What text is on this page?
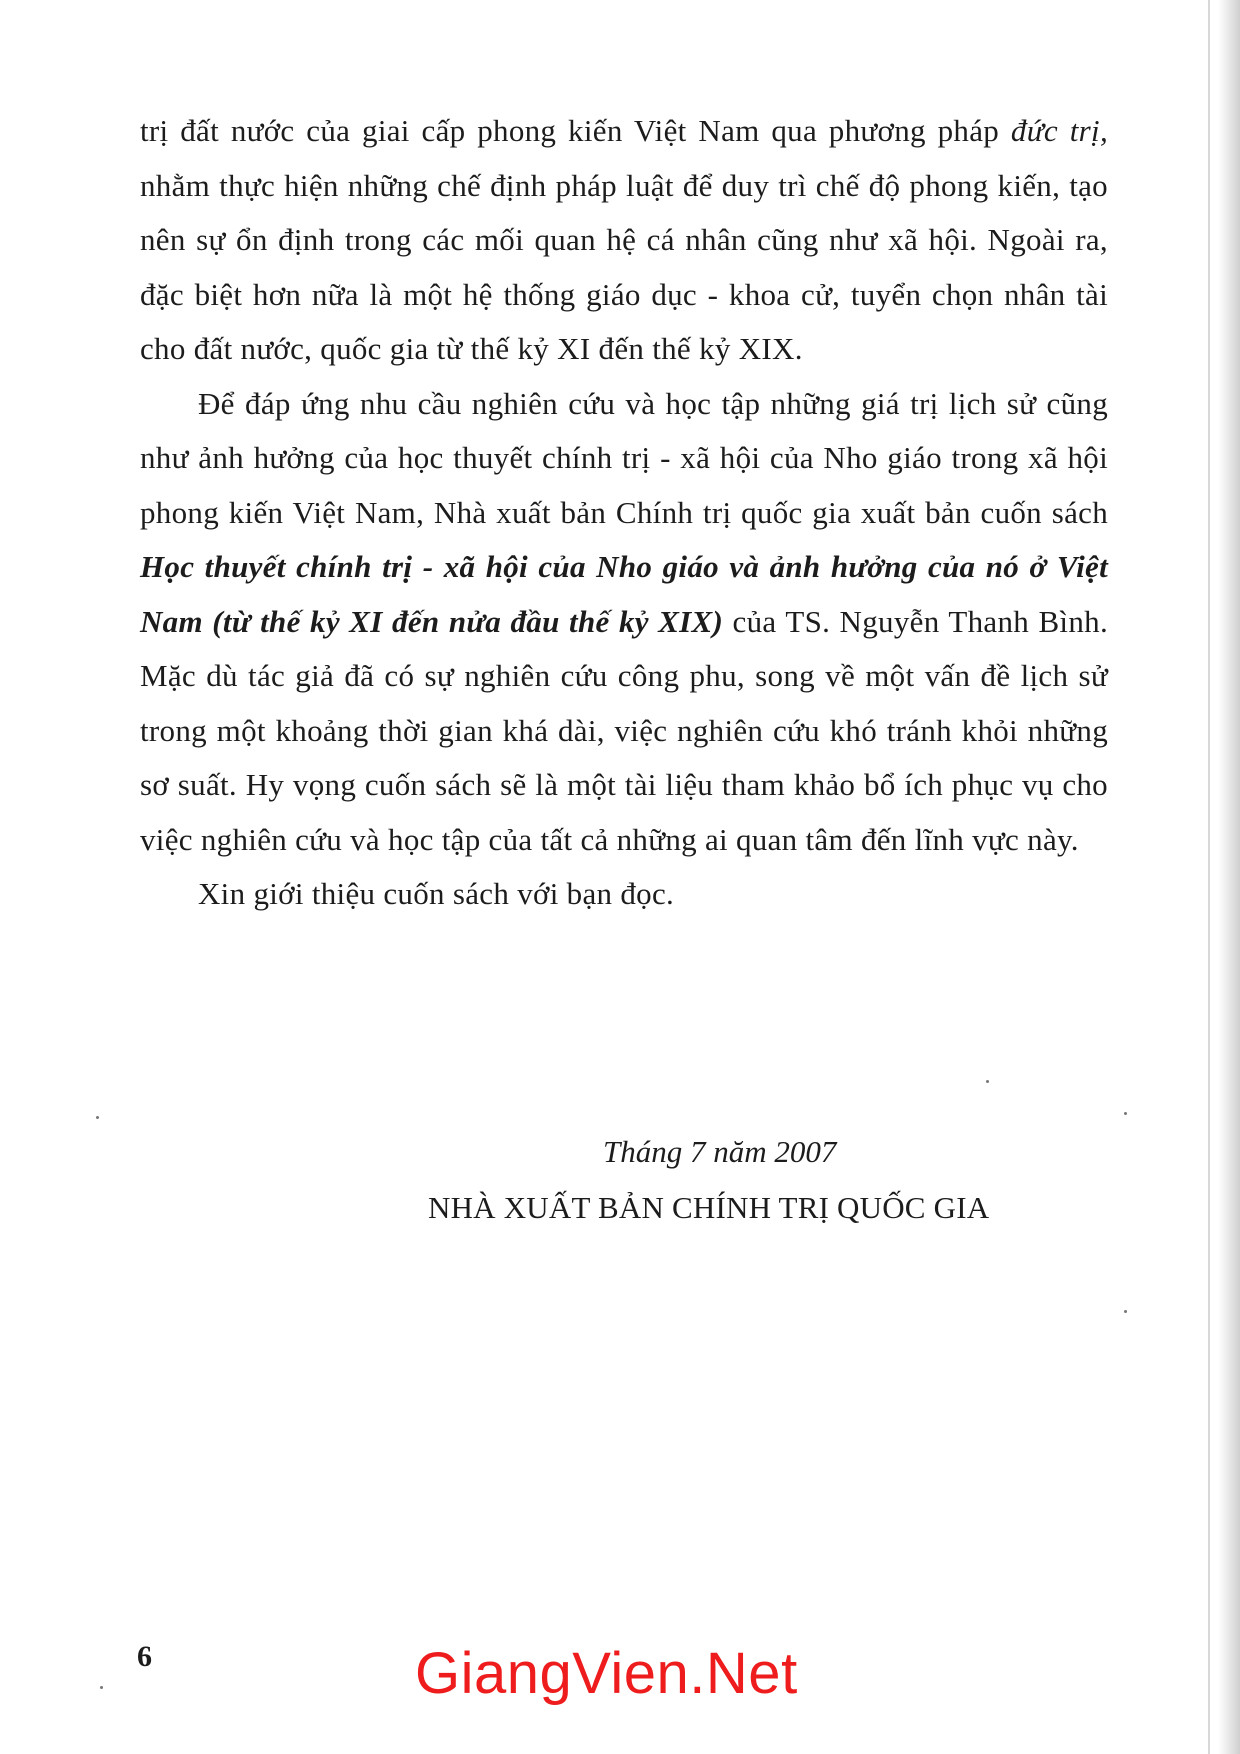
trị đất nước của giai cấp phong kiến Việt Nam qua phương pháp đức trị, nhằm thực hiện những chế định pháp luật để duy trì chế độ phong kiến, tạo nên sự ổn định trong các mối quan hệ cá nhân cũng như xã hội. Ngoài ra, đặc biệt hơn nữa là một hệ thống giáo dục - khoa cử, tuyển chọn nhân tài cho đất nước, quốc gia từ thế kỷ XI đến thế kỷ XIX.

Để đáp ứng nhu cầu nghiên cứu và học tập những giá trị lịch sử cũng như ảnh hưởng của học thuyết chính trị - xã hội của Nho giáo trong xã hội phong kiến Việt Nam, Nhà xuất bản Chính trị quốc gia xuất bản cuốn sách Học thuyết chính trị - xã hội của Nho giáo và ảnh hưởng của nó ở Việt Nam (từ thế kỷ XI đến nửa đầu thế kỷ XIX) của TS. Nguyễn Thanh Bình. Mặc dù tác giả đã có sự nghiên cứu công phu, song về một vấn đề lịch sử trong một khoảng thời gian khá dài, việc nghiên cứu khó tránh khỏi những sơ suất. Hy vọng cuốn sách sẽ là một tài liệu tham khảo bổ ích phục vụ cho việc nghiên cứu và học tập của tất cả những ai quan tâm đến lĩnh vực này.

Xin giới thiệu cuốn sách với bạn đọc.

Tháng 7 năm 2007
NHÀ XUẤT BẢN CHÍNH TRỊ QUỐC GIA
6	GiangVien.Net
